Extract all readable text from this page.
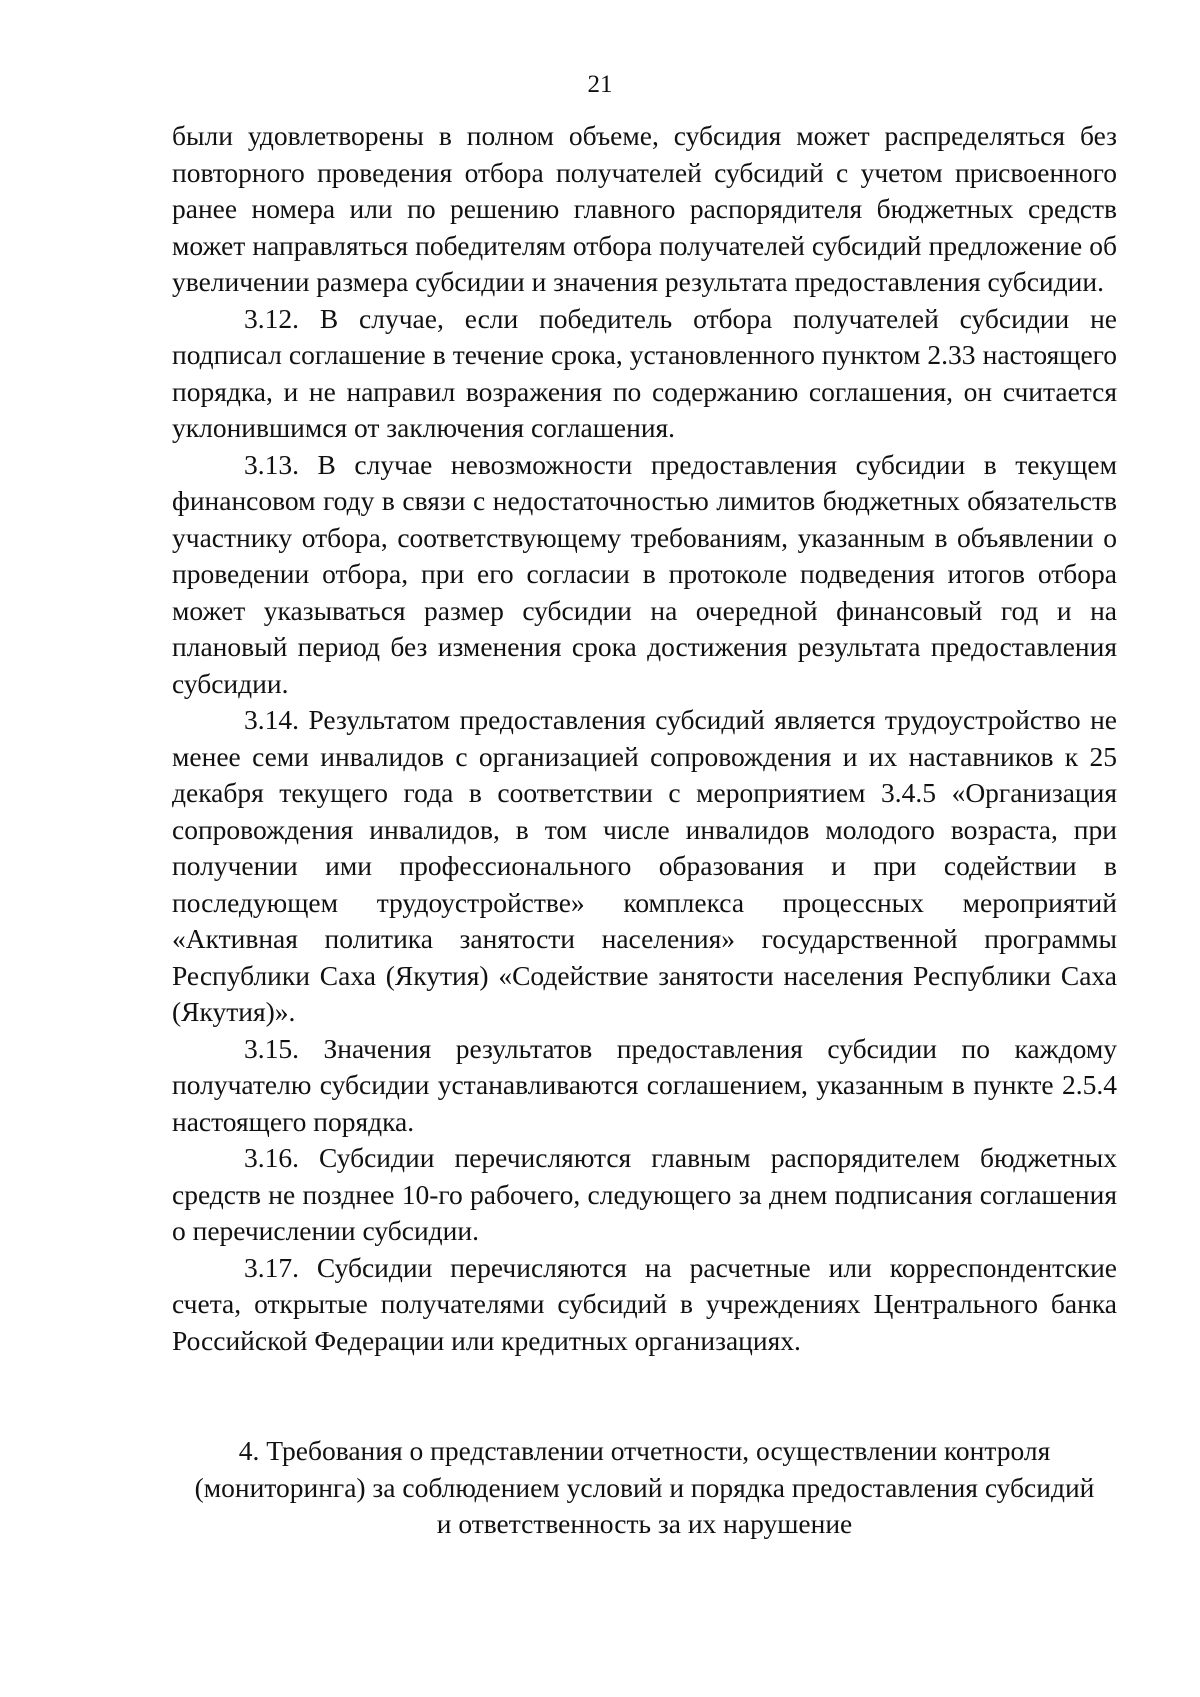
21

были удовлетворены в полном объеме, субсидия может распределяться без повторного проведения отбора получателей субсидий с учетом присвоенного ранее номера или по решению главного распорядителя бюджетных средств может направляться победителям отбора получателей субсидий предложение об увеличении размера субсидии и значения результата предоставления субсидии.

3.12. В случае, если победитель отбора получателей субсидии не подписал соглашение в течение срока, установленного пунктом 2.33 настоящего порядка, и не направил возражения по содержанию соглашения, он считается уклонившимся от заключения соглашения.

3.13. В случае невозможности предоставления субсидии в текущем финансовом году в связи с недостаточностью лимитов бюджетных обязательств участнику отбора, соответствующему требованиям, указанным в объявлении о проведении отбора, при его согласии в протоколе подведения итогов отбора может указываться размер субсидии на очередной финансовый год и на плановый период без изменения срока достижения результата предоставления субсидии.

3.14. Результатом предоставления субсидий является трудоустройство не менее семи инвалидов с организацией сопровождения и их наставников к 25 декабря текущего года в соответствии с мероприятием 3.4.5 «Организация сопровождения инвалидов, в том числе инвалидов молодого возраста, при получении ими профессионального образования и при содействии в последующем трудоустройстве» комплекса процессных мероприятий «Активная политика занятости населения» государственной программы Республики Саха (Якутия) «Содействие занятости населения Республики Саха (Якутия)».

3.15. Значения результатов предоставления субсидии по каждому получателю субсидии устанавливаются соглашением, указанным в пункте 2.5.4 настоящего порядка.

3.16. Субсидии перечисляются главным распорядителем бюджетных средств не позднее 10-го рабочего, следующего за днем подписания соглашения о перечислении субсидии.

3.17. Субсидии перечисляются на расчетные или корреспондентские счета, открытые получателями субсидий в учреждениях Центрального банка Российской Федерации или кредитных организациях.

4. Требования о представлении отчетности, осуществлении контроля
(мониторинга) за соблюдением условий и порядка предоставления субсидий
и ответственность за их нарушение
